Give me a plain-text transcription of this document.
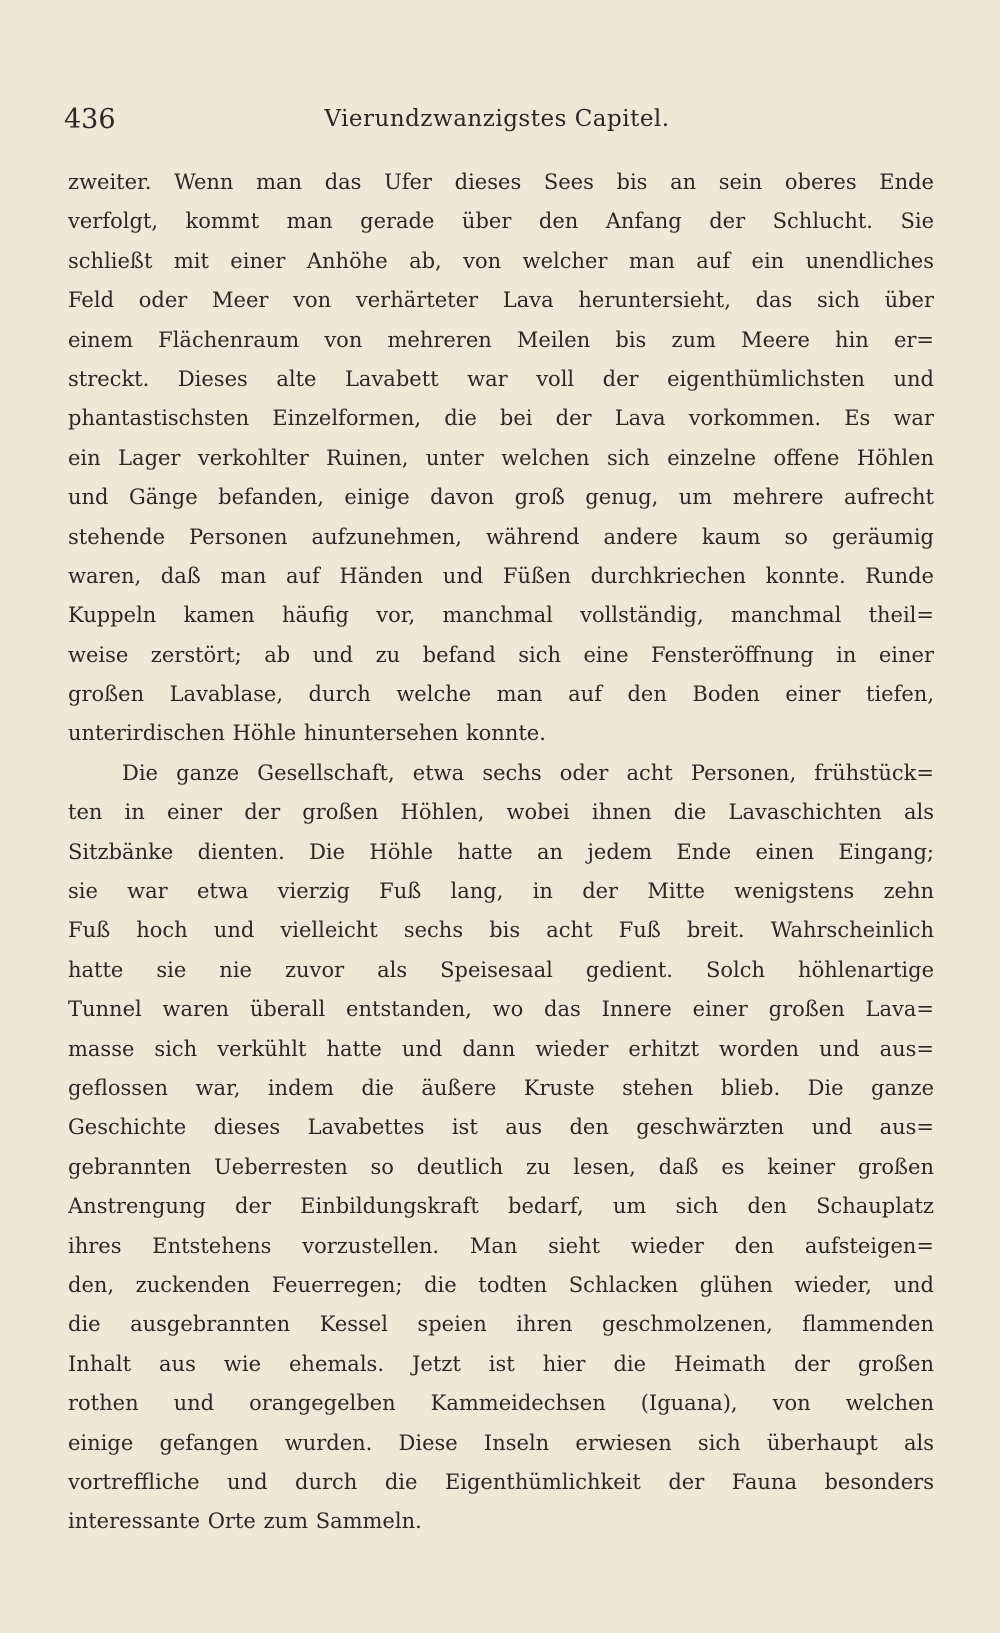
436	Vierundzwanzigstes Capitel.
zweiter. Wenn man das Ufer dieses Sees bis an sein oberes Ende
verfolgt, kommt man gerade über den Anfang der Schlucht. Sie
schließt mit einer Anhöhe ab, von welcher man auf ein unendliches
Feld oder Meer von verhärteter Lava heruntersieht, das sich über
einem Flächenraum von mehreren Meilen bis zum Meere hin er=
streckt. Dieses alte Lavabett war voll der eigenthümlichsten und
phantastischsten Einzelformen, die bei der Lava vorkommen. Es war
ein Lager verkohlter Ruinen, unter welchen sich einzelne offene Höhlen
und Gänge befanden, einige davon groß genug, um mehrere aufrecht
stehende Personen aufzunehmen, während andere kaum so geräumig
waren, daß man auf Händen und Füßen durchkriechen konnte. Runde
Kuppeln kamen häufig vor, manchmal vollständig, manchmal theil=
weise zerstört; ab und zu befand sich eine Fensteröffnung in einer
großen Lavablase, durch welche man auf den Boden einer tiefen,
unterirdischen Höhle hinuntersehen konnte.
Die ganze Gesellschaft, etwa sechs oder acht Personen, frühstück=
ten in einer der großen Höhlen, wobei ihnen die Lavaschichten als
Sitzbänke dienten. Die Höhle hatte an jedem Ende einen Eingang;
sie war etwa vierzig Fuß lang, in der Mitte wenigstens zehn
Fuß hoch und vielleicht sechs bis acht Fuß breit. Wahrscheinlich
hatte sie nie zuvor als Speisesaal gedient. Solch höhlenartige
Tunnel waren überall entstanden, wo das Innere einer großen Lava=
masse sich verkühlt hatte und dann wieder erhitzt worden und aus=
geflossen war, indem die äußere Kruste stehen blieb. Die ganze
Geschichte dieses Lavabettes ist aus den geschwärzten und aus=
gebrannten Ueberresten so deutlich zu lesen, daß es keiner großen
Anstrengung der Einbildungskraft bedarf, um sich den Schauplatz
ihres Entstehens vorzustellen. Man sieht wieder den aufsteigen=
den, zuckenden Feuerregen; die todten Schlacken glühen wieder, und
die ausgebrannten Kessel speien ihren geschmolzenen, flammenden
Inhalt aus wie ehemals. Jetzt ist hier die Heimath der großen
rothen und orangegelben Kammeidechsen (Iguana), von welchen
einige gefangen wurden. Diese Inseln erwiesen sich überhaupt als
vortreffliche und durch die Eigenthümlichkeit der Fauna besonders
interessante Orte zum Sammeln.
